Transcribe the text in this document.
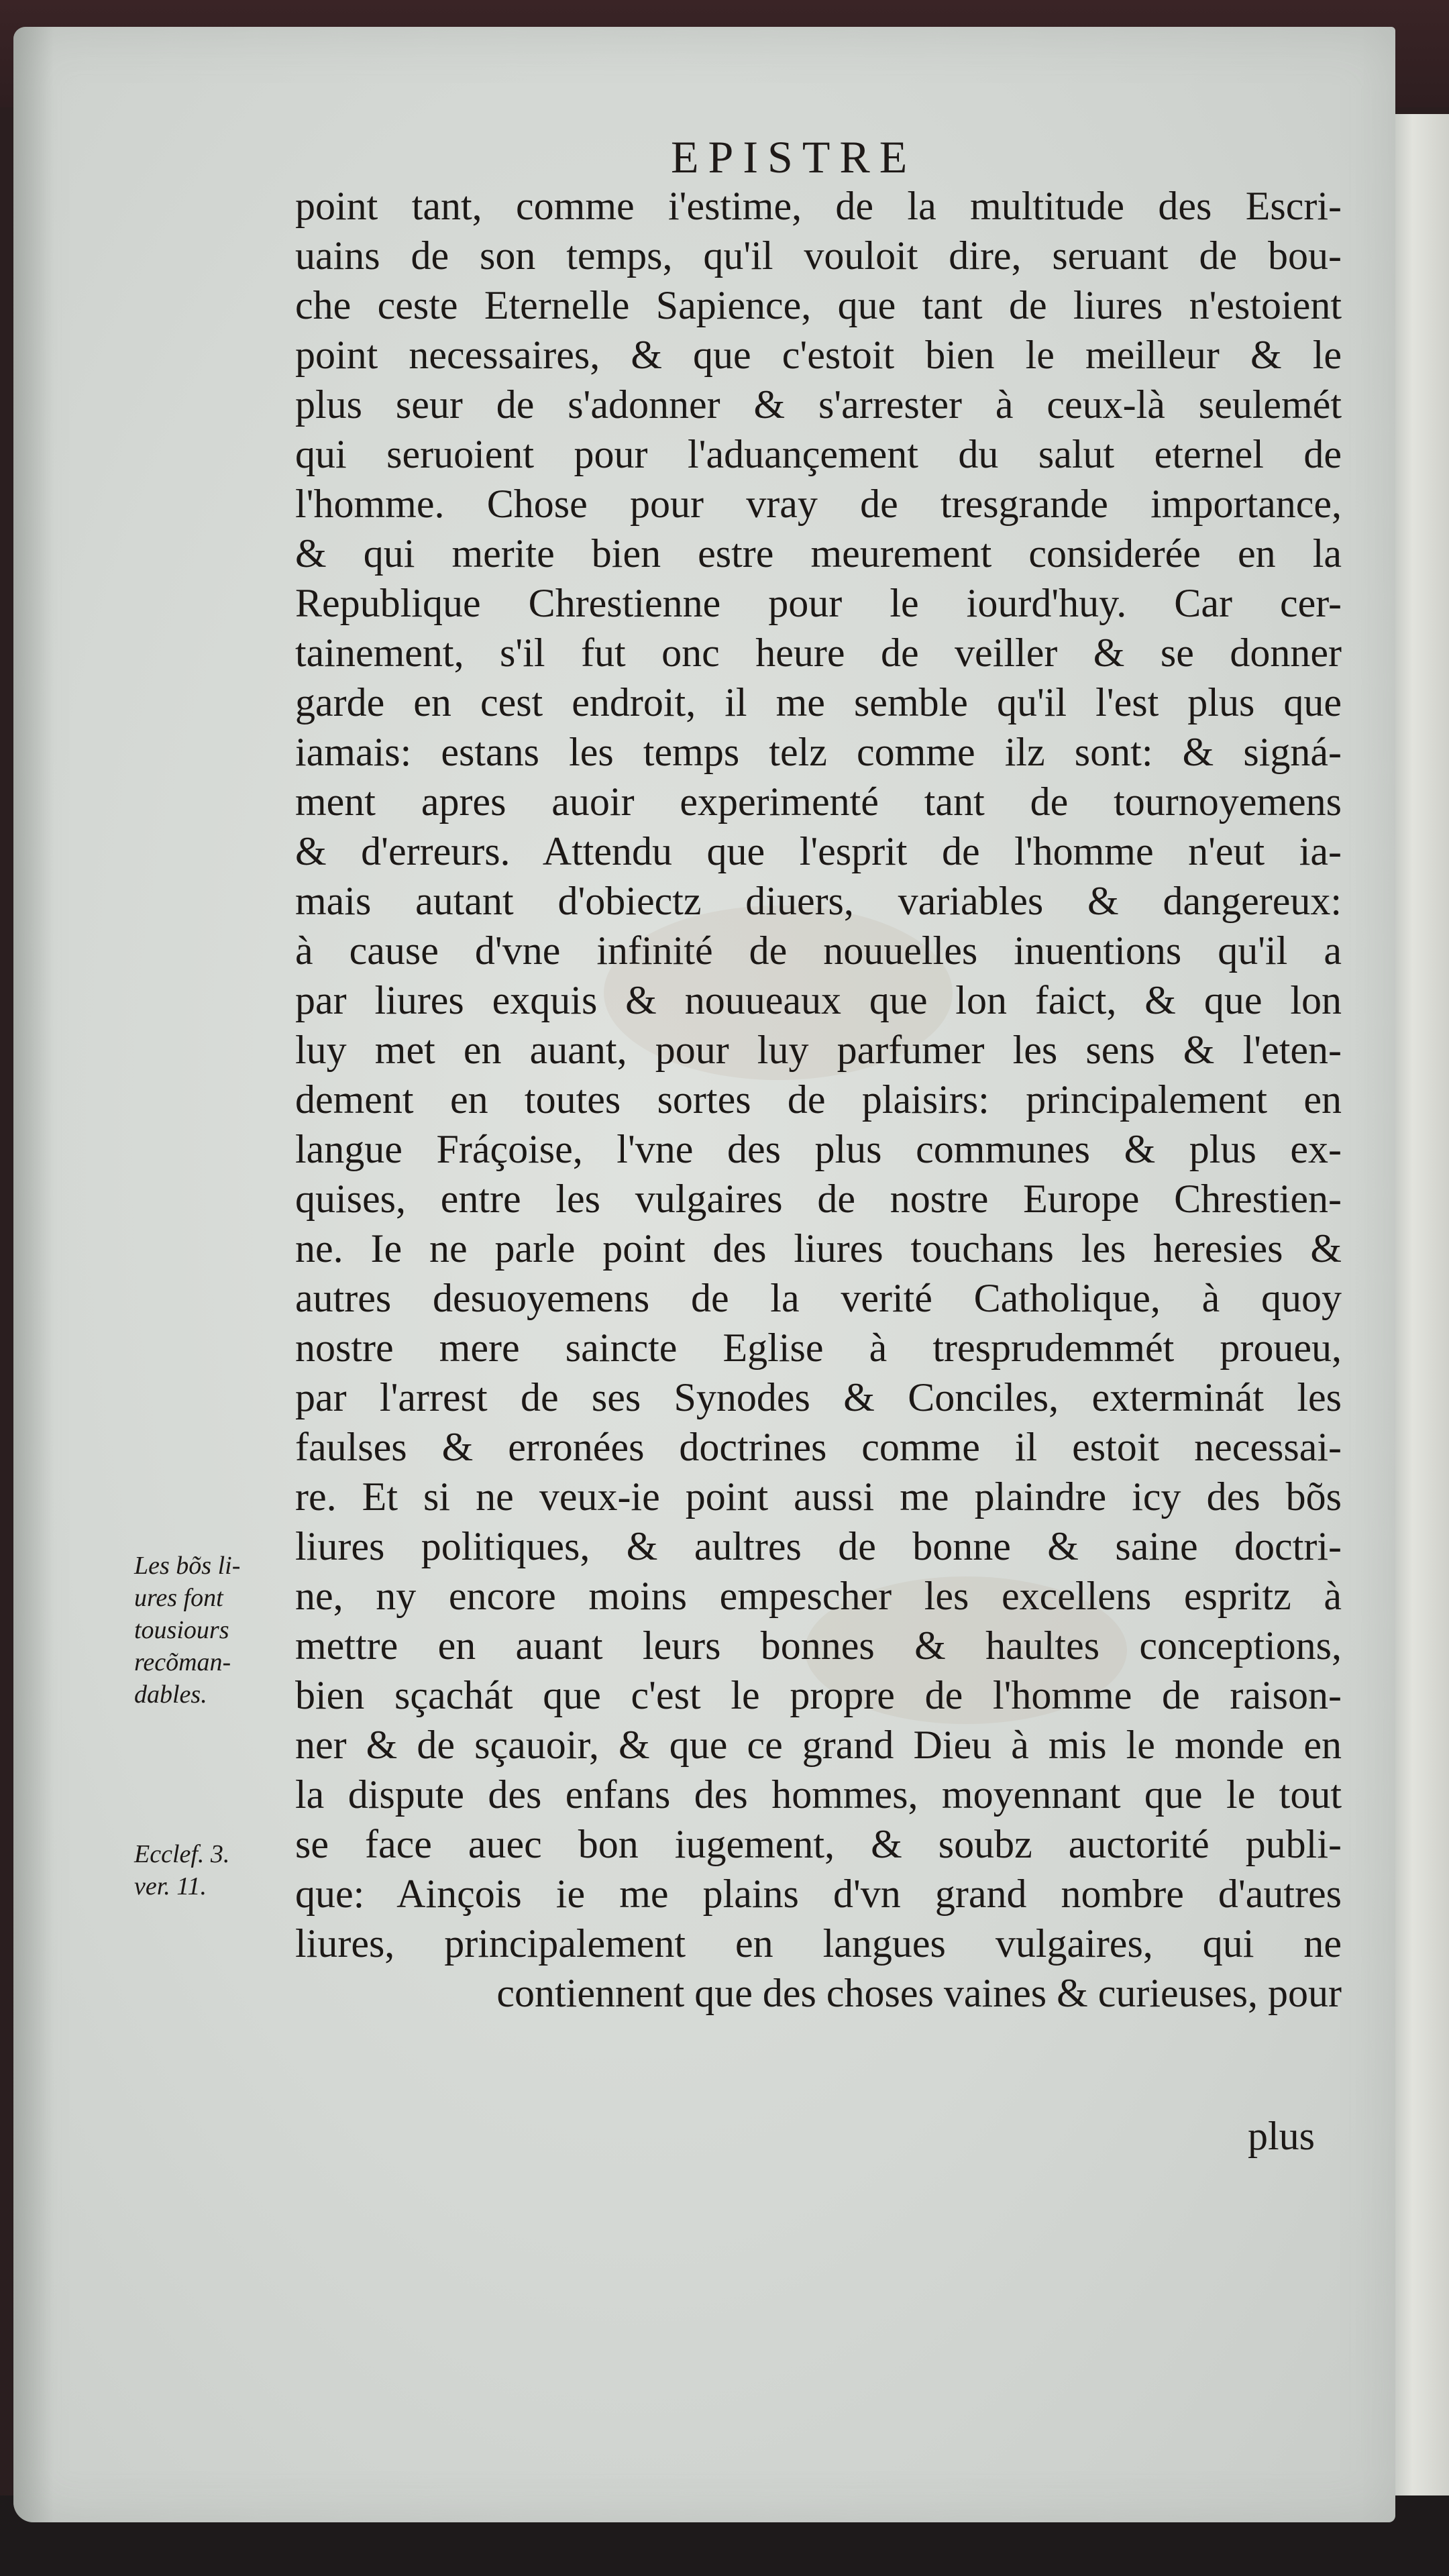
EPISTRE
point tant, comme i'estime, de la multitude des Escri-
uains de son temps, qu'il vouloit dire, seruant de bou-
che ceste Eternelle Sapience, que tant de liures n'estoient
point necessaires, & que c'estoit bien le meilleur & le
plus seur de s'adonner & s'arrester à ceux-là seulemét
qui seruoient pour l'aduançement du salut eternel de
l'homme. Chose pour vray de tresgrande importance,
& qui merite bien estre meurement considerée en la
Republique Chrestienne pour le iourd'huy. Car cer-
tainement, s'il fut onc heure de veiller & se donner
garde en cest endroit, il me semble qu'il l'est plus que
iamais: estans les temps telz comme ilz sont: & signá-
ment apres auoir experimenté tant de tournoyemens
& d'erreurs. Attendu que l'esprit de l'homme n'eut ia-
mais autant d'obiectz diuers, variables & dangereux:
à cause d'vne infinité de nouuelles inuentions qu'il a
par liures exquis & nouueaux que lon faict, & que lon
luy met en auant, pour luy parfumer les sens & l'eten-
dement en toutes sortes de plaisirs: principalement en
langue Fráçoise, l'vne des plus communes & plus ex-
quises, entre les vulgaires de nostre Europe Chrestien-
ne. Ie ne parle point des liures touchans les heresies &
autres desuoyemens de la verité Catholique, à quoy
nostre mere saincte Eglise à tresprudemmét proueu,
par l'arrest de ses Synodes & Conciles, exterminát les
faulses & erronées doctrines comme il estoit necessai-
re. Et si ne veux-ie point aussi me plaindre icy des bõs
liures politiques, & aultres de bonne & saine doctri-
ne, ny encore moins empescher les excellens espritz à
mettre en auant leurs bonnes & haultes conceptions,
bien sçachát que c'est le propre de l'homme de raison-
ner & de sçauoir, & que ce grand Dieu à mis le monde en
la dispute des enfans des hommes, moyennant que le tout
se face auec bon iugement, & soubz auctorité publi-
que: Ainçois ie me plains d'vn grand nombre d'autres
liures, principalement en langues vulgaires, qui ne
contiennent que des choses vaines & curieuses, pour
plus
Les bõs li-
ures font
tousiours
recõman-
dables.
Ecclef. 3.
ver. 11.
